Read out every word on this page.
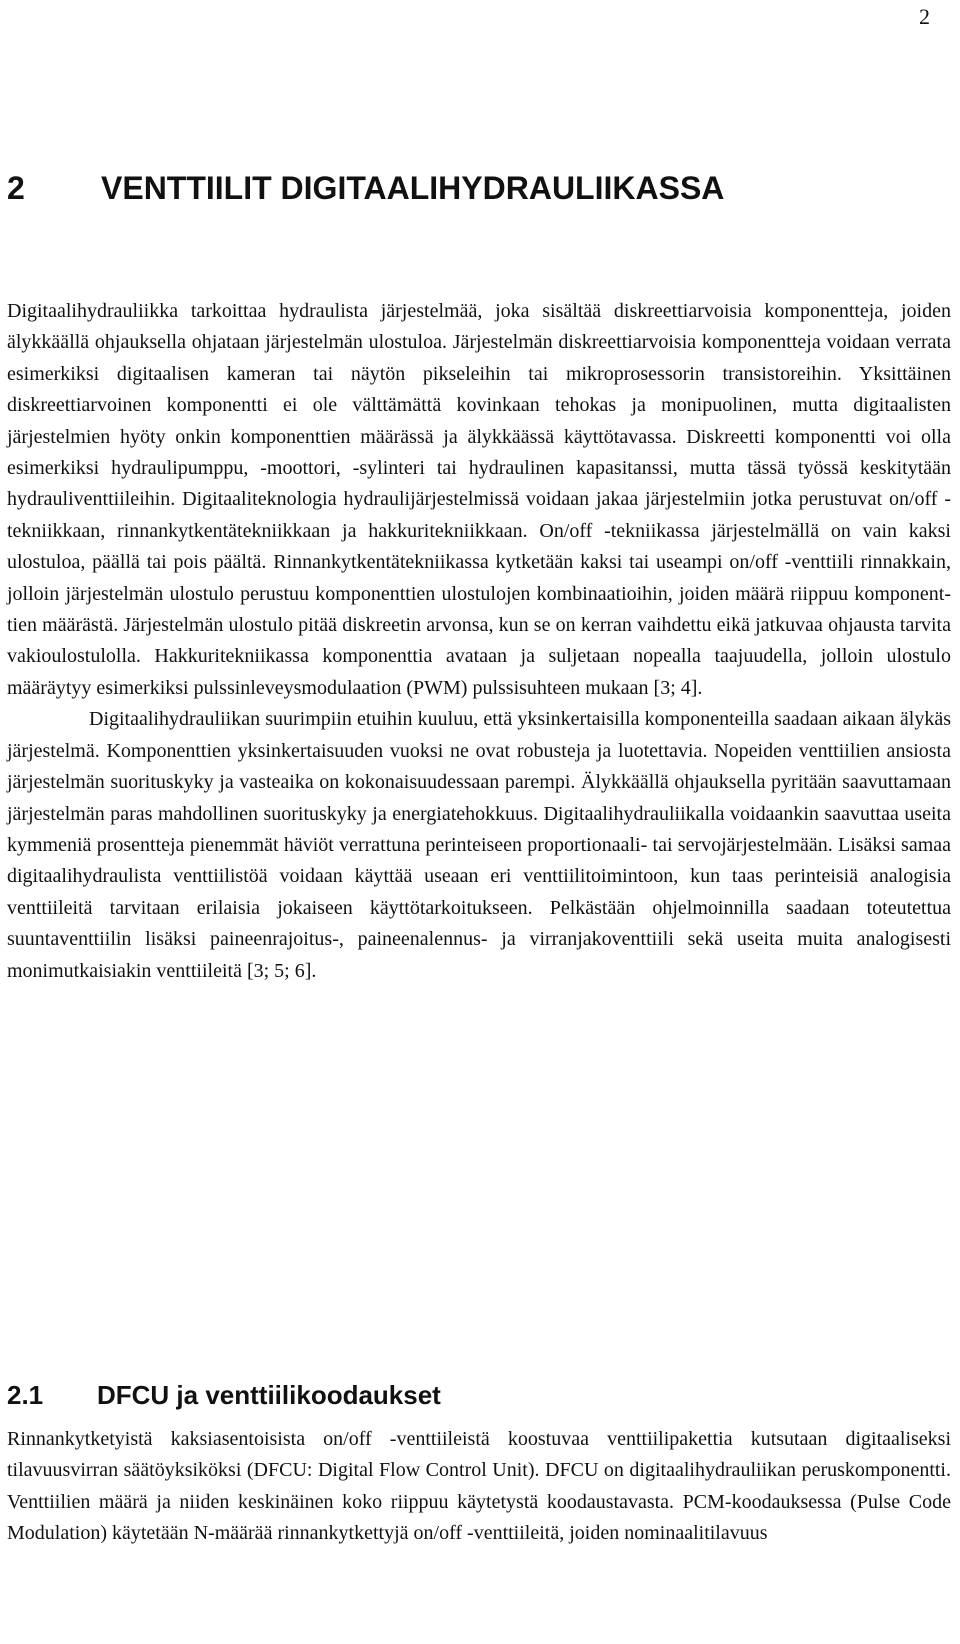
2
2 VENTTIILIT DIGITAALIHYDRAULIIKASSA

Digitaalihydrauliikka tarkoittaa hydraulista järjestelmää, joka sisältää diskreettiarvoisia komponentteja, joiden älykkäällä ohjauksella ohjataan järjestelmän ulostuloa. Järjestelmän diskreettiarvoisia komponentteja voidaan verrata esimerkiksi digitaalisen kameran tai näytön pikseleihin tai mikroprosessorin transistoreihin. Yksittäinen diskreettiarvoinen komponentti ei ole välttämättä kovinkaan tehokas ja monipuolinen, mutta digitaalisten järjestelmien hyöty onkin komponenttien määrässä ja älykkäässä käyttötavassa. Diskreetti komponentti voi olla esimerkiksi hydraulipumppu, -moottori, -sylinteri tai hydraulinen kapasitanssi, mutta tässä työssä keskitytään hydrauliventtiileihin. Digitaaliteknologia hydraulijärjestelmissä voidaan jakaa järjestelmiin jotka perustuvat on/off -tekniikkaan, rinnankytkentätekniikkaan ja hakkuritekniikkaan. On/off -tekniikassa järjestelmällä on vain kaksi ulostuloa, päällä tai pois päältä. Rinnankytkentätekniikassa kytketään kaksi tai useampi on/off -venttiili rinnakkain, jolloin järjestelmän ulostulo perustuu komponenttien ulostulojen kombinaatioihin, joiden määrä riippuu komponenttien määrästä. Järjestelmän ulostulo pitää diskreetin arvonsa, kun se on kerran vaihdettu eikä jatkuvaa ohjausta tarvita vakioulostulolla. Hakkuritekniikassa komponenttia avataan ja suljetaan nopealla taajuudella, jolloin ulostulo määräytyy esimerkiksi pulssinleveysmodulaation (PWM) pulssisuhteen mukaan [3; 4].

Digitaalihydrauliikan suurimpiin etuihin kuuluu, että yksinkertaisilla komponenteilla saadaan aikaan älykäs järjestelmä. Komponenttien yksinkertaisuuden vuoksi ne ovat robusteja ja luotettavia. Nopeiden venttiilien ansiosta järjestelmän suorituskyky ja vasteaika on kokonaisuudessaan parempi. Älykkäällä ohjauksella pyritään saavuttamaan järjestelmän paras mahdollinen suorituskyky ja energiatehokkuus. Digitaalihydrauliikalla voidaankin saavuttaa useita kymmeniä prosentteja pienemmät häviöt verrattuna perinteiseen proportionaali- tai servojärjestelmään. Lisäksi samaa digitaalihydraulista venttiilistöä voidaan käyttää useaan eri venttiilitoimintoon, kun taas perinteisiä analogisia venttiileitä tarvitaan erilaisia jokaiseen käyttötarkoitukseen. Pelkästään ohjelmoinnilla saadaan toteutettua suuntaventtiilin lisäksi paineenrajoitus-, paineenalennus- ja virranjakoventtiili sekä useita muita analogisesti monimutkaisiakin venttiileitä [3; 5; 6].

2.1 DFCU ja venttiilikoodaukset

Rinnankytketyistä kaksiasentoisista on/off -venttiileistä koostuvaa venttiilipakettia kutsutaan digitaaliseksi tilavuusvirran säätöyksiköksi (DFCU: Digital Flow Control Unit). DFCU on digitaalihydrauliikan peruskomponentti. Venttiilien määrä ja niiden keskinäinen koko riippuu käytetystä koodaustavasta. PCM-koodauksessa (Pulse Code Modulation) käytetään N-määrää rinnankytkettyjä on/off -venttiileitä, joiden nominaalitilavuus
